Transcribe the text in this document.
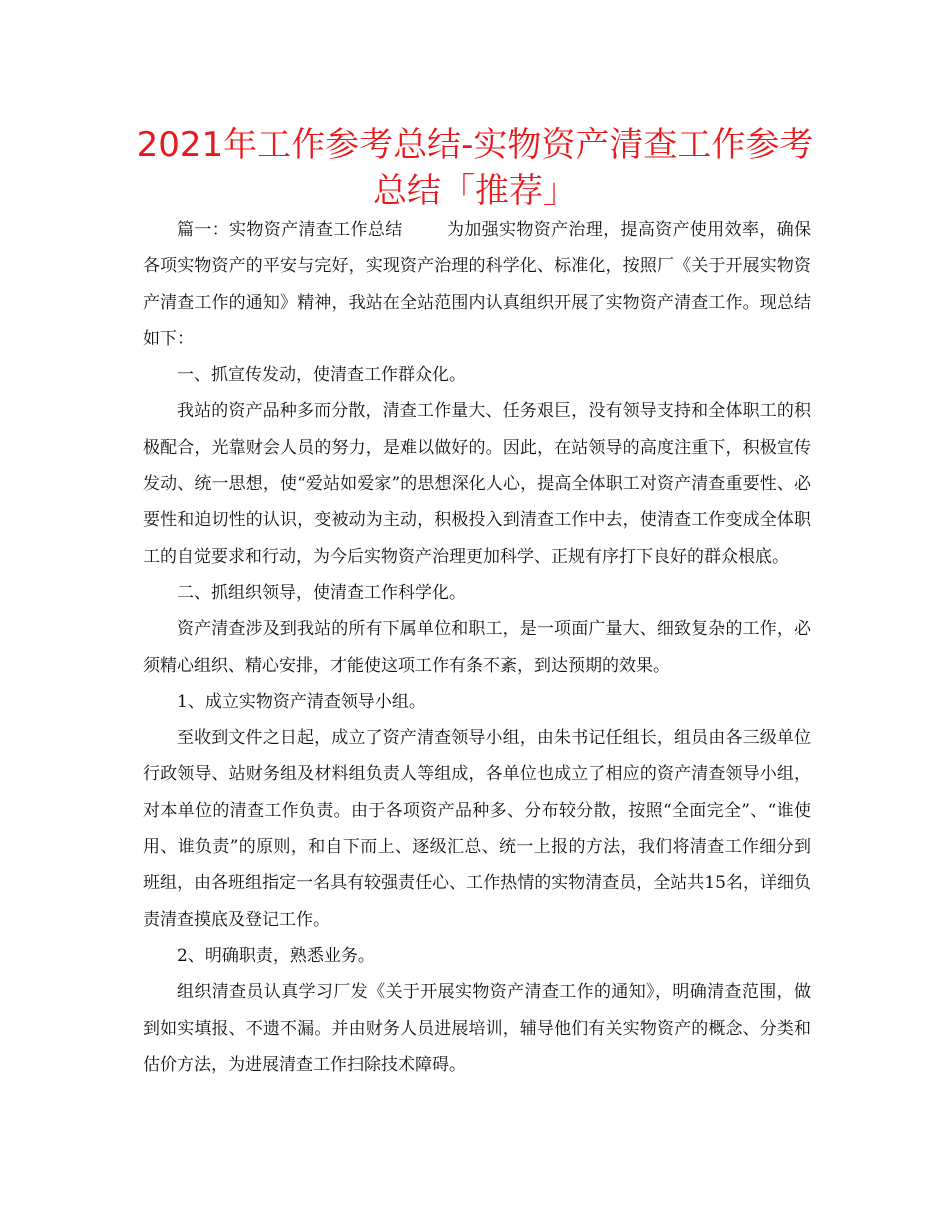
2021年工作参考总结-实物资产清查工作参考总结「推荐」

篇一：实物资产清查工作总结	为加强实物资产治理，提高资产使用效率，确保各项实物资产的平安与完好，实现资产治理的科学化、标准化，按照厂《关于开展实物资产清查工作的通知》精神，我站在全站范围内认真组织开展了实物资产清查工作。现总结如下：

一、抓宣传发动，使清查工作群众化。

我站的资产品种多而分散，清查工作量大、任务艰巨，没有领导支持和全体职工的积极配合，光靠财会人员的努力，是难以做好的。因此，在站领导的高度注重下，积极宣传发动、统一思想，使“爱站如爱家”的思想深化人心，提高全体职工对资产清查重要性、必要性和迫切性的认识，变被动为主动，积极投入到清查工作中去，使清查工作变成全体职工的自觉要求和行动，为今后实物资产治理更加科学、正规有序打下良好的群众根底。

二、抓组织领导，使清查工作科学化。

资产清查涉及到我站的所有下属单位和职工，是一项面广量大、细致复杂的工作，必须精心组织、精心安排，才能使这项工作有条不紊，到达预期的效果。

1、成立实物资产清查领导小组。

至收到文件之日起，成立了资产清查领导小组，由朱书记任组长，组员由各三级单位行政领导、站财务组及材料组负责人等组成，各单位也成立了相应的资产清查领导小组，对本单位的清查工作负责。由于各项资产品种多、分布较分散，按照“全面完全”、“谁使用、谁负责”的原则，和自下而上、逐级汇总、统一上报的方法，我们将清查工作细分到班组，由各班组指定一名具有较强责任心、工作热情的实物清查员，全站共15名，详细负责清查摸底及登记工作。

2、明确职责，熟悉业务。

组织清查员认真学习厂发《关于开展实物资产清查工作的通知》，明确清查范围，做到如实填报、不遗不漏。并由财务人员进展培训，辅导他们有关实物资产的概念、分类和估价方法，为进展清查工作扫除技术障碍。
